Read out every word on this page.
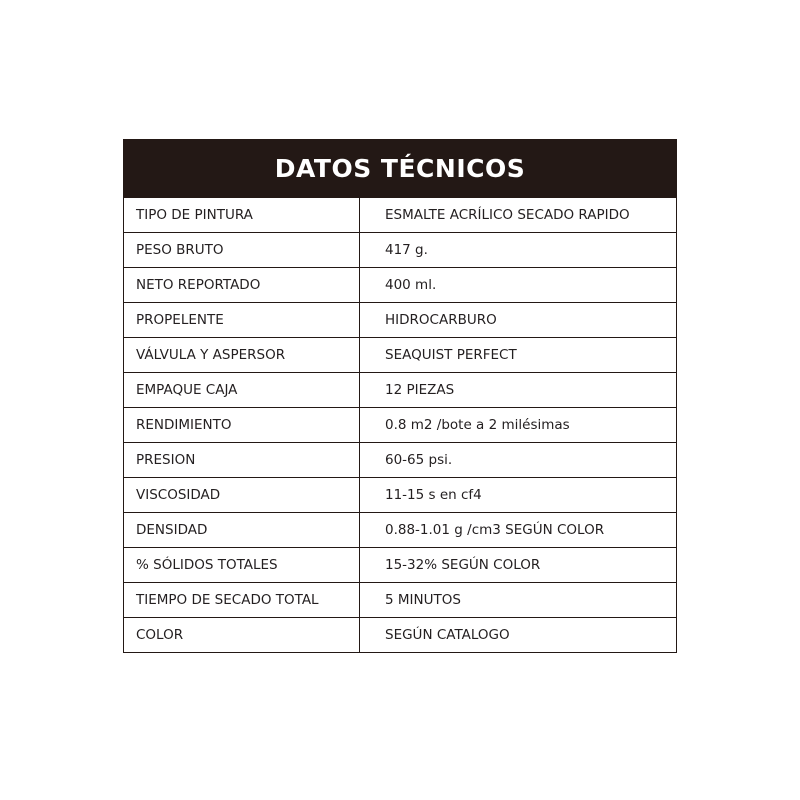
DATOS TÉCNICOS
TIPO DE PINTURA	ESMALTE ACRÍLICO SECADO RAPIDO
PESO BRUTO	417 g.
NETO REPORTADO	400 ml.
PROPELENTE	HIDROCARBURO
VÁLVULA Y ASPERSOR	SEAQUIST PERFECT
EMPAQUE CAJA	12 PIEZAS
RENDIMIENTO	0.8 m2 /bote a 2 milésimas
PRESION	60-65 psi.
VISCOSIDAD	11-15 s en cf4
DENSIDAD	0.88-1.01 g /cm3 SEGÚN COLOR
% SÓLIDOS TOTALES	15-32% SEGÚN COLOR
TIEMPO DE SECADO TOTAL	5 MINUTOS
COLOR	SEGÚN CATALOGO
